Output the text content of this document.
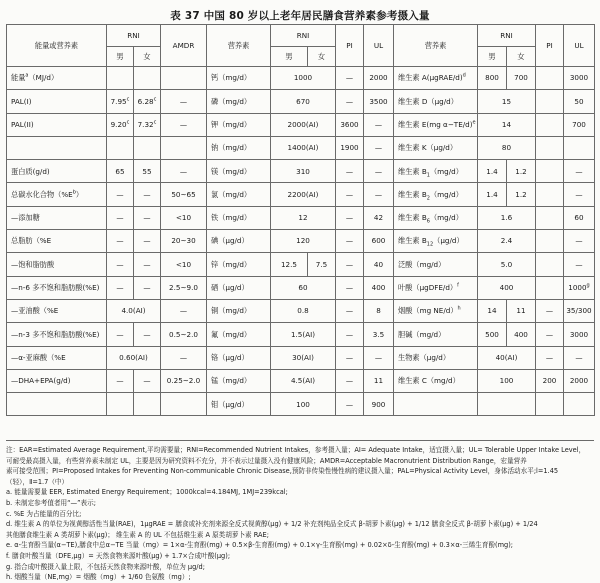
表 37 中国 80 岁以上老年居民膳食营养素参考摄入量
能量或营养素	RNI		AMDR	营养素	RNI		PI	UL	营养素	RNI		PI	UL
	男	女			男	女				男	女		
能量$^a$（MJ/d）				钙（mg/d）	1000		—	2000	维生素 A(μgRAE/d)$^d$	800	700		3000
PAL(I)	7.95$^c$	6.28$^c$	—	磷（mg/d）	670		—	3500	维生素 D（μg/d）	15			50
PAL(II)	9.20$^c$	7.32$^c$	—	钾（mg/d）	2000(AI)		3600	—	维生素 E(mg α−TE/d)$^e$	14			700
				钠（mg/d）	1400(AI)		1900	—	维生素 K（μg/d）	80			
蛋白质(g/d)	65	55	—	镁（mg/d）	310		—	—	维生素 $B_1(mg/d)$	1.4	1.2		—
总碳水化合物$(\%E^b)$	—	—	50~65	氯（mg/d）	2200(AI)		—	—	维生素 $B_2(mg/d)$	1.4	1.2		—
—添加糖	—	—	<10	铁（mg/d）	12		—	42	维生素 $B_6(mg/d)$	1.6			60
总脂肪（%E	—	—	20~30	碘（μg/d）	120		—	600	维生素 $B_{12}(\mu g/d)$	2.4			—
—饱和脂肪酸	—	—	<10	锌（mg/d）	12.5	7.5	—	40	泛酸（mg/d）	5.0			—
—n-6 多不饱和脂肪酸(%E)	—	—	2.5~9.0	硒（μg/d）	60		—	400	叶酸（μgDFE/d）$^f$	400			1000$^g$
—亚油酸（%E	4.0(AI)		—	铜（mg/d）	0.8		—	8	烟酸（mg NE/d）$^h$	14	11	—	35/300
—n-3 多不饱和脂肪酸(%E)	—	—	0.5~2.0	氟（mg/d）	1.5(AI)		—	3.5	胆碱（mg/d）	500	400	—	3000
—α-亚麻酸（%E	0.60(AI)		—	铬（μg/d）	30(AI)		—	—	生物素（μg/d）	40(AI)		—	—
—DHA+EPA(g/d)	—	—	0.25~2.0	锰（mg/d）	4.5(AI)		—	11	维生素 C（mg/d）	100		200	2000
				钼（μg/d）	100		—	900					
注：EAR=Estimated Average Requirement,平均需要量；RNI=Recommended Nutrient Intakes，参考摄入量；AI= Adequate Intake，适宜摄入量；UL= Tolerable Upper Intake Level，
可耐受最高摄入量，有些营养素未制定 UL，主要是因为研究资料不充分，并不表示过量摄入没有健康风险；AMDR=Acceptable Macronutrient Distribution Range，宏量营养
素可接受范围；PI=Proposed Intakes for Preventing Non-communicable Chronic Disease,预防非传染性慢性病的建议摄入量；PAL=Physical Activity Level，身体活动水平;l=1.45
（轻），Ⅱ=1.7（中）
a. 能量需要量 EER, Estimated Energy Requirement；1000kcal=4.184MJ, 1MJ=239kcal;
b. 未制定参考值者用“—”表示;
c. %E 为占能量的百分比;
d. 维生素 A 的单位为视黄醇活性当量(RAE)，1μgRAE = 膳食或补充剂来源全反式视黄醇(μg) + 1/2 补充剂纯品全反式 β-胡萝卜素(μg) + 1/12 膳食全反式 β-胡萝卜素(μg) + 1/24
其他膳食维生素 A 类胡萝卜素(μg)； 维生素 A 的 UL 不包括维生素 A 原类胡萝卜素 RAE;
e. α-生育酚当量(α−TE),膳食中总α−TE 当量（mg）= 1×α-生育酚(mg) + 0.5×β-生育酚(mg) + 0.1×γ-生育酚(mg) + 0.02×δ-生育酚(mg) + 0.3×α-三烯生育酚(mg);
f. 膳食叶酸当量（DFE,μg）= 天然食物来源叶酸(μg) + 1.7×合成叶酸(μg);
g. 指合成叶酸摄入量上限，不包括天然食物来源叶酸，单位为 μg/d;
h. 烟酸当量（NE,mg）= 烟酸（mg）+ 1/60 色氨酸（mg）;
